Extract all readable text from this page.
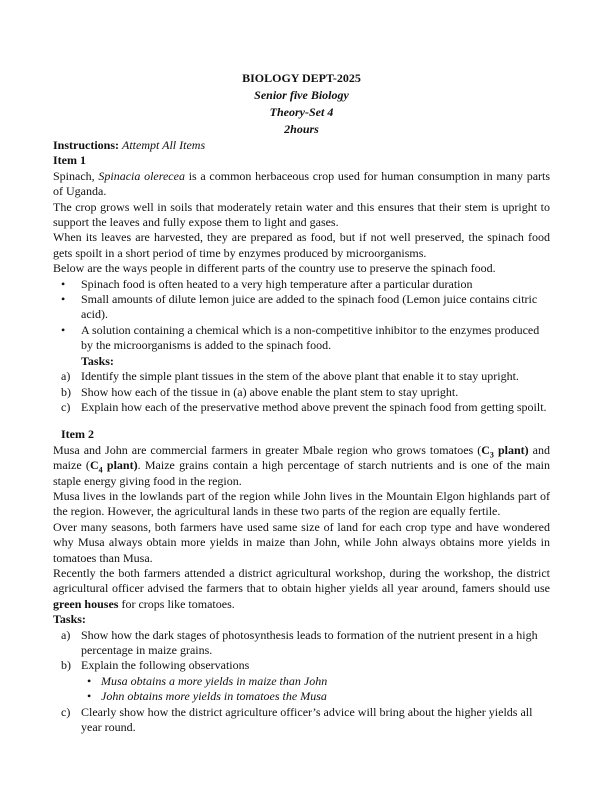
BIOLOGY DEPT-2025
Senior five Biology
Theory-Set 4
2hours

Instructions: Attempt All Items

Item 1

Spinach, Spinacia olerecea is a common herbaceous crop used for human consumption in many parts of Uganda.

The crop grows well in soils that moderately retain water and this ensures that their stem is upright to support the leaves and fully expose them to light and gases.

When its leaves are harvested, they are prepared as food, but if not well preserved, the spinach food gets spoilt in a short period of time by enzymes produced by microorganisms.

Below are the ways people in different parts of the country use to preserve the spinach food.

• Spinach food is often heated to a very high temperature after a particular duration
• Small amounts of dilute lemon juice are added to the spinach food (Lemon juice contains citric acid).
• A solution containing a chemical which is a non-competitive inhibitor to the enzymes produced by the microorganisms is added to the spinach food.
Tasks:
a) Identify the simple plant tissues in the stem of the above plant that enable it to stay upright.
b) Show how each of the tissue in (a) above enable the plant stem to stay upright.
c) Explain how each of the preservative method above prevent the spinach food from getting spoilt.

Item 2

Musa and John are commercial farmers in greater Mbale region who grows tomatoes ($C_3$ plant) and maize ($C_4$ plant). Maize grains contain a high percentage of starch nutrients and is one of the main staple energy giving food in the region.

Musa lives in the lowlands part of the region while John lives in the Mountain Elgon highlands part of the region. However, the agricultural lands in these two parts of the region are equally fertile.

Over many seasons, both farmers have used same size of land for each crop type and have wondered why Musa always obtain more yields in maize than John, while John always obtains more yields in tomatoes than Musa.

Recently the both farmers attended a district agricultural workshop, during the workshop, the district agricultural officer advised the farmers that to obtain higher yields all year around, famers should use green houses for crops like tomatoes.

Tasks:

a) Show how the dark stages of photosynthesis leads to formation of the nutrient present in a high percentage in maize grains.
b) Explain the following observations
• Musa obtains a more yields in maize than John
• John obtains more yields in tomatoes the Musa
c) Clearly show how the district agriculture officer’s advice will bring about the higher yields all year round.
